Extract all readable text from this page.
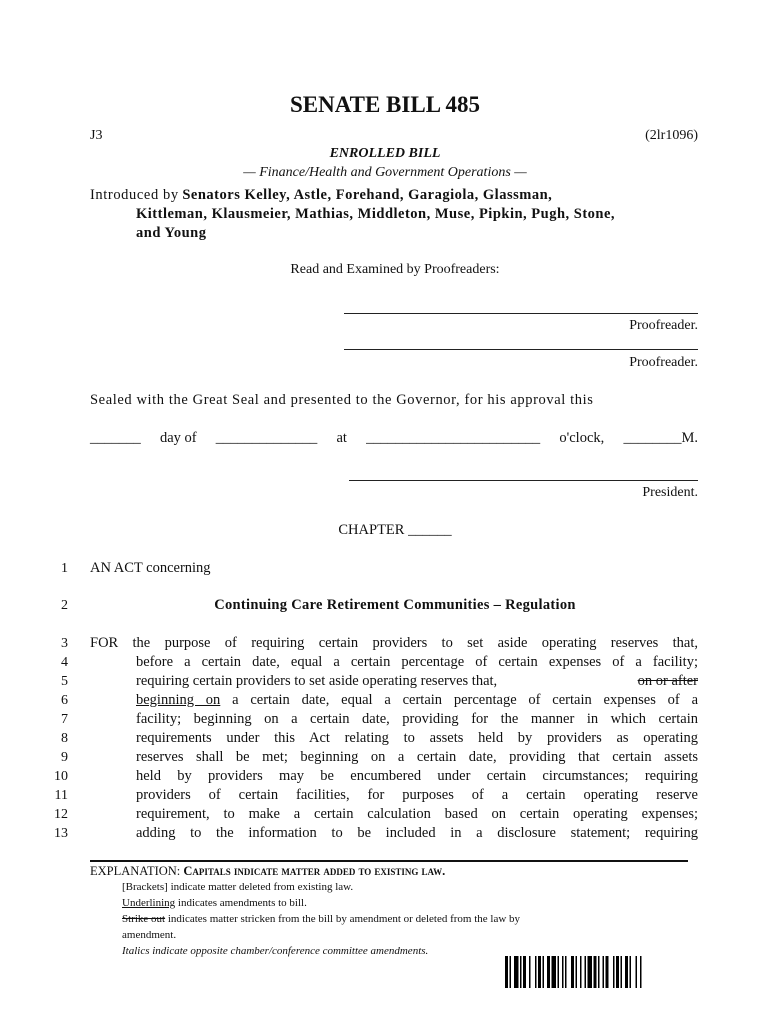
SENATE BILL 485
J3	(2lr1096)
ENROLLED BILL
— Finance/Health and Government Operations —
Introduced by Senators Kelley, Astle, Forehand, Garagiola, Glassman,
Kittleman, Klausmeier, Mathias, Middleton, Muse, Pipkin, Pugh, Stone,
and Young
Read and Examined by Proofreaders:
Proofreader.
Proofreader.
Sealed with the Great Seal and presented to the Governor, for his approval this
_______ day of ______________ at ________________________ o'clock, ________M.
President.
CHAPTER ______
1 AN ACT concerning
2	Continuing Care Retirement Communities – Regulation
3
4
5
6
7
8
9
10
11
12
13
FOR the purpose of requiring certain providers to set aside operating reserves that,
before a certain date, equal a certain percentage of certain expenses of a facility;
requiring certain providers to set aside operating reserves that,	on or after
beginning on a certain date, equal a certain percentage of certain expenses of a
facility; beginning on a certain date, providing for the manner in which certain
requirements under this Act relating to assets held by providers as operating
reserves shall be met; beginning on a certain date, providing that certain assets
held by providers may be encumbered under certain circumstances; requiring
providers of certain facilities, for purposes of a certain operating reserve
requirement, to make a certain calculation based on certain operating expenses;
adding to the information to be included in a disclosure statement; requiring
EXPLANATION: Capitals indicate matter added to existing law.
[Brackets] indicate matter deleted from existing law.
Underlining indicates amendments to bill.
Strike out indicates matter stricken from the bill by amendment or deleted from the law by
amendment.
Italics indicate opposite chamber/conference committee amendments.
